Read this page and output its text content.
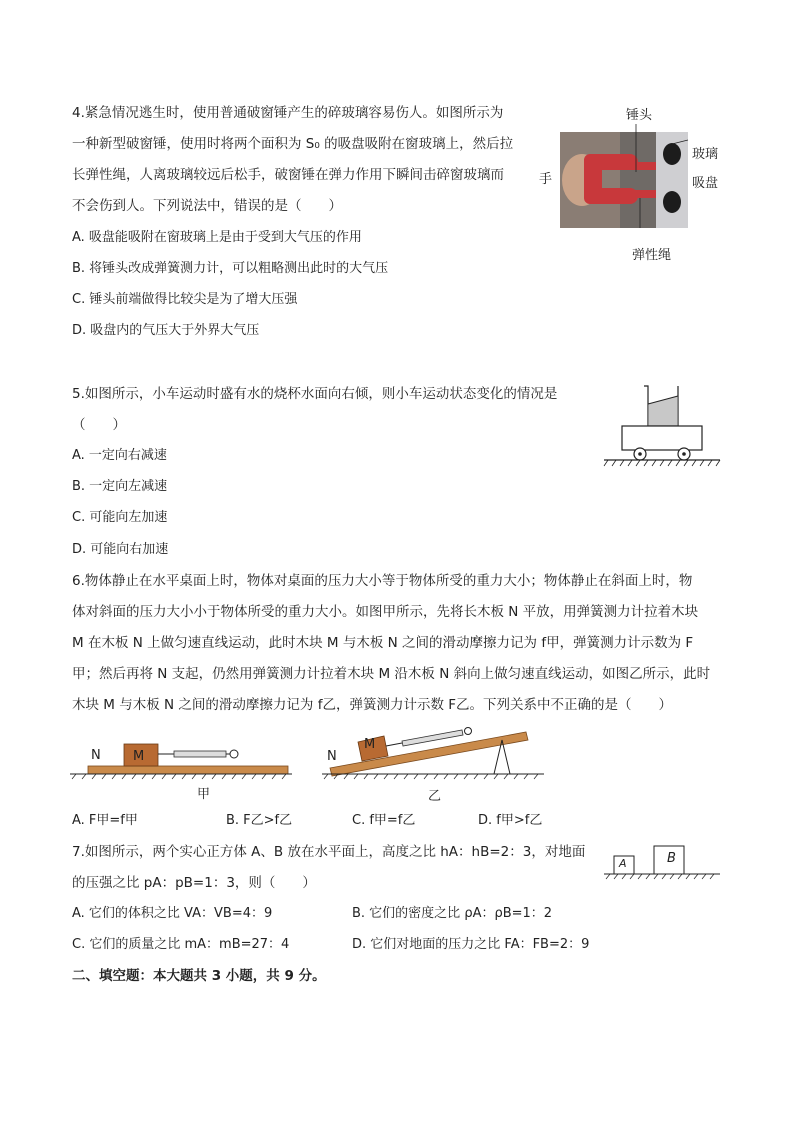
4.紧急情况逃生时，使用普通破窗锤产生的碎玻璃容易伤人。如图所示为
一种新型破窗锤，使用时将两个面积为 S₀ 的吸盘吸附在窗玻璃上，然后拉
长弹性绳，人离玻璃较远后松手，破窗锤在弹力作用下瞬间击碎窗玻璃而
不会伤到人。下列说法中，错误的是（　　）
A. 吸盘能吸附在窗玻璃上是由于受到大气压的作用
B. 将锤头改成弹簧测力计，可以粗略测出此时的大气压
C. 锤头前端做得比较尖是为了增大压强
D. 吸盘内的气压大于外界大气压
锤头
玻璃
手	吸盘
弹性绳
5.如图所示，小车运动时盛有水的烧杯水面向右倾，则小车运动状态变化的情况是
（　　）
A. 一定向右减速
B. 一定向左减速
C. 可能向左加速
D. 可能向右加速
6.物体静止在水平桌面上时，物体对桌面的压力大小等于物体所受的重力大小；物体静止在斜面上时，物
体对斜面的压力大小小于物体所受的重力大小。如图甲所示，先将长木板 N 平放，用弹簧测力计拉着木块
M 在木板 N 上做匀速直线运动，此时木块 M 与木板 N 之间的滑动摩擦力记为 f甲，弹簧测力计示数为 F
甲；然后再将 N 支起，仍然用弹簧测力计拉着木块 M 沿木板 N 斜向上做匀速直线运动，如图乙所示，此时
木块 M 与木板 N 之间的滑动摩擦力记为 f乙，弹簧测力计示数 F乙。下列关系中不正确的是（　　）
N M
甲
N
M
乙
A. F甲=f甲	B. F乙>f乙	C. f甲=f乙	D. f甲>f乙
7.如图所示，两个实心正方体 A、B 放在水平面上，高度之比 hA：hB=2：3，对地面
的压强之比 pA：pB=1：3，则（　　）
A. 它们的体积之比 VA：VB=4：9	B. 它们的密度之比 ρA：ρB=1：2
C. 它们的质量之比 mA：mB=27：4	D. 它们对地面的压力之比 FA：FB=2：9
A	B
二、填空题：本大题共 3 小题，共 9 分。
